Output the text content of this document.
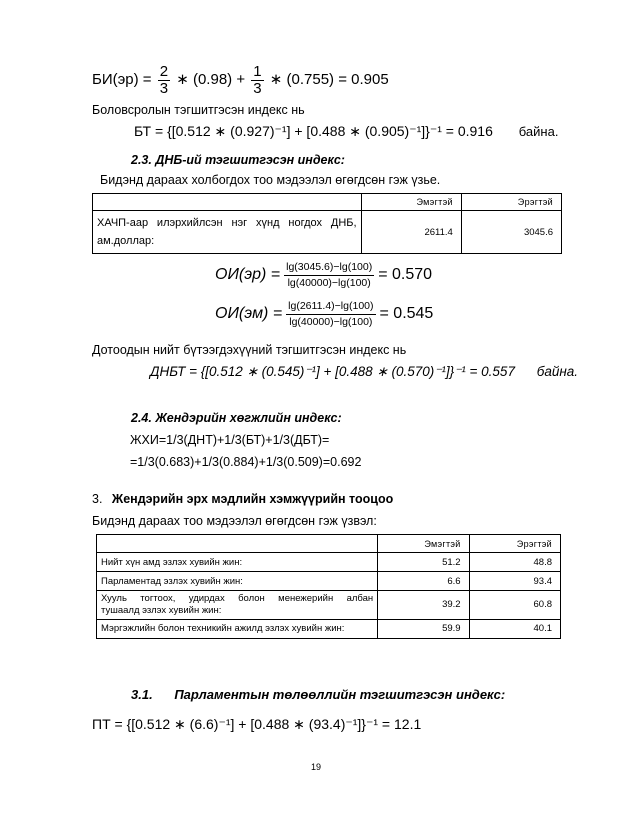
$БИ(эр) = \frac{2}{3}$ ∗ $(0.98) + \frac{1}{3}$ ∗ (0.755) = 0.905
Боловсролын тэгшитгэсэн индекс нь
БТ = {[0.512 ∗ (0.927)⁻¹] + [0.488 ∗ (0.905)⁻¹]}⁻¹ = 0.916 байна.
2.3. ДНБ-ий тэгшитгэсэн индекс:
Бидэнд дараах холбогдох тоо мэдээлэл өгөгдсөн гэж үзье.
	Эмэгтэй	Эрэгтэй

ХАЧП-аар илэрхийлсэн нэг хүнд ногдох ДНБ,
ам.доллар:	2611.4	3045.6
$ОИ(эр) = \frac{\lg(3045.6)-\lg(100)}{\lg(40000)-\lg(100)} = 0.570$
$ОИ(эм) = \frac{\lg(2611.4)-\lg(100)}{\lg(40000)-\lg(100)} = 0.545$
Дотоодын нийт бүтээгдэхүүний тэгшитгэсэн индекс нь
ДНБТ = {[0.512 ∗ (0.545)⁻¹] + [0.488 ∗ (0.570)⁻¹]}⁻¹ = 0.557 байна.
2.4. Жендэрийн хөгжлийн индекс:
ЖХИ=1/3(ДНТ)+1/3(БТ)+1/3(ДБТ)=
=1/3(0.683)+1/3(0.884)+1/3(0.509)=0.692
3. Жендэрийн эрх мэдлийн хэмжүүрийн тооцоо
Бидэнд дараах тоо мэдээлэл өгөгдсөн гэж үзвэл:
	Эмэгтэй	Эрэгтэй
Нийт хүн амд эзлэх хувийн жин:	51.2	48.8
Парламентад эзлэх хувийн жин:	6.6	93.4

Хууль тогтоох, удирдах болон менежерийн албан
тушаалд эзлэх хувийн жин:	39.2	60.8
Мэргэжлийн болон техникийн ажилд эзлэх хувийн жин:	59.9	40.1
3.1. Парламентын төлөөллийн тэгшитгэсэн индекс:
ПТ = {[0.512 ∗ (6.6)⁻¹] + [0.488 ∗ (93.4)⁻¹]}⁻¹ = 12.1
19
